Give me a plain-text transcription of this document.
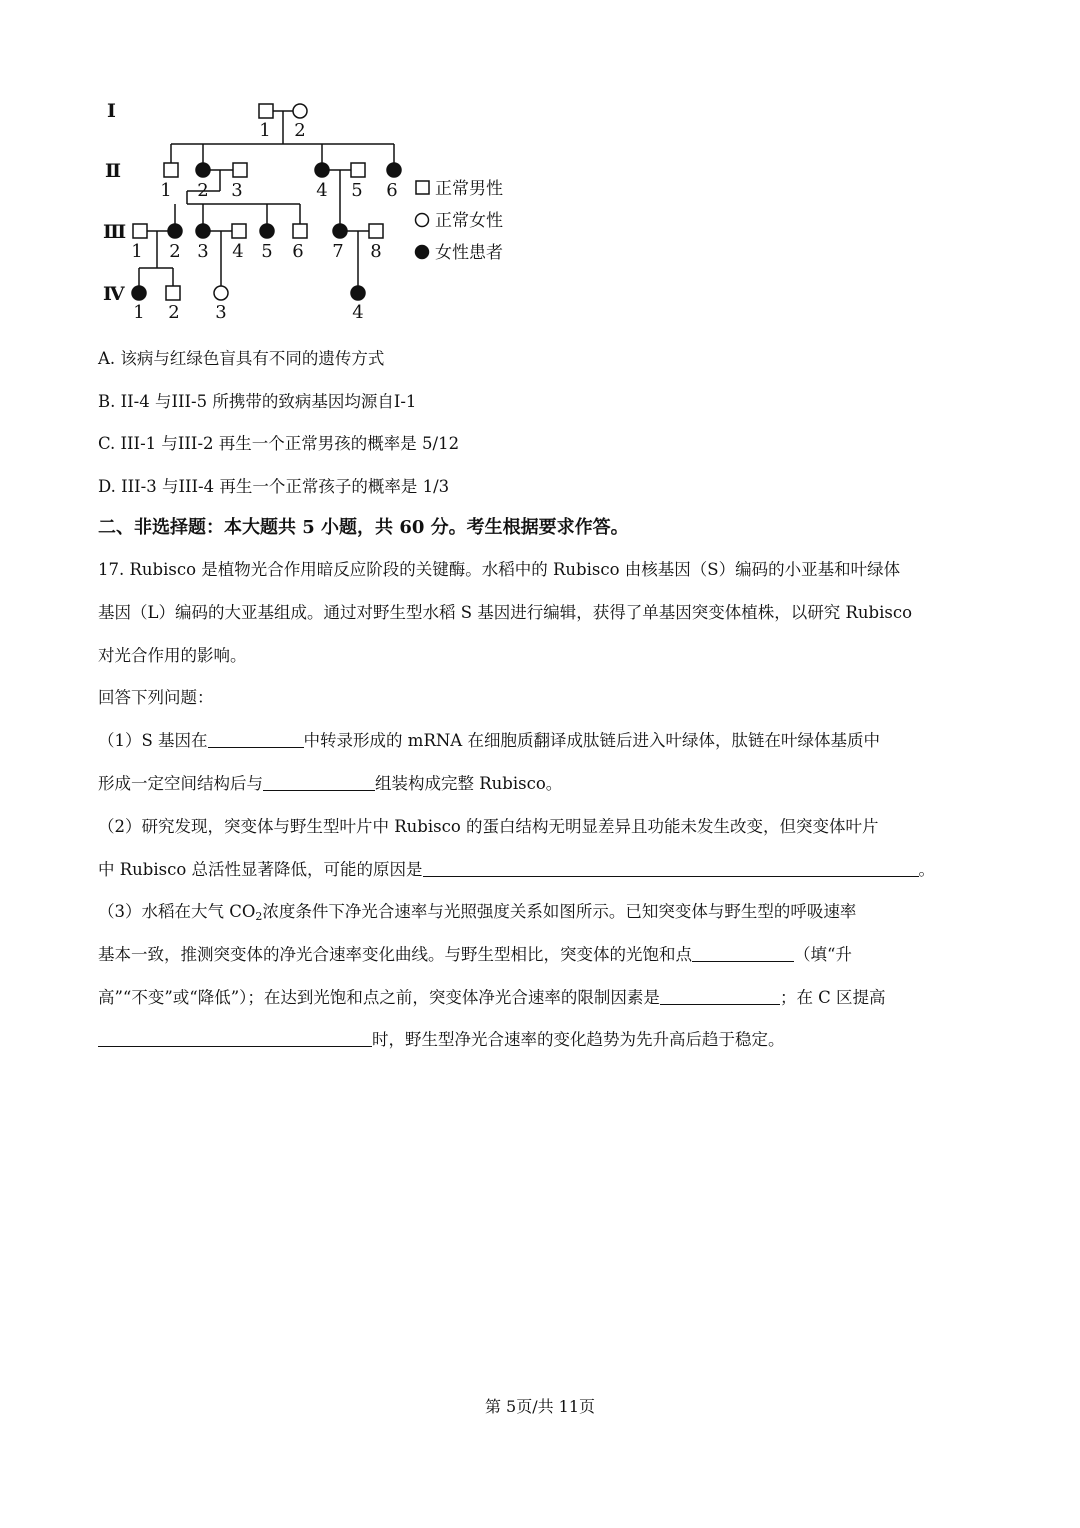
Ⅰ
Ⅱ
Ⅲ
Ⅳ
1 2
1 2 3	4 5 6
1 2 3 4 5 6 7 8
1 2 3	4
正常男性
正常女性
女性患者
A. 该病与红绿色盲具有不同的遗传方式
B. II-4 与III-5 所携带的致病基因均源自I-1
C. III-1 与III-2 再生一个正常男孩的概率是 5/12
D. III-3 与III-4 再生一个正常孩子的概率是 1/3
二、非选择题：本大题共 5 小题，共 60 分。考生根据要求作答。
17. Rubisco 是植物光合作用暗反应阶段的关键酶。水稻中的 Rubisco 由核基因（S）编码的小亚基和叶绿体
基因（L）编码的大亚基组成。通过对野生型水稻 S 基因进行编辑，获得了单基因突变体植株，以研究 Rubisco
对光合作用的影响。
回答下列问题：
（1）S 基因在	中转录形成的 mRNA 在细胞质翻译成肽链后进入叶绿体，肽链在叶绿体基质中
形成一定空间结构后与	组装构成完整 Rubisco。
（2）研究发现，突变体与野生型叶片中 Rubisco 的蛋白结构无明显差异且功能未发生改变，但突变体叶片
中 Rubisco 总活性显著降低，可能的原因是	。
（3）水稻在大气 $CO_2$浓度条件下净光合速率与光照强度关系如图所示。已知突变体与野生型的呼吸速率
基本一致，推测突变体的净光合速率变化曲线。与野生型相比，突变体的光饱和点	（填“升
高”“不变”或“降低”）；在达到光饱和点之前，突变体净光合速率的限制因素是	；在 C 区提高
时，野生型净光合速率的变化趋势为先升高后趋于稳定。
第 5页/共 11页
